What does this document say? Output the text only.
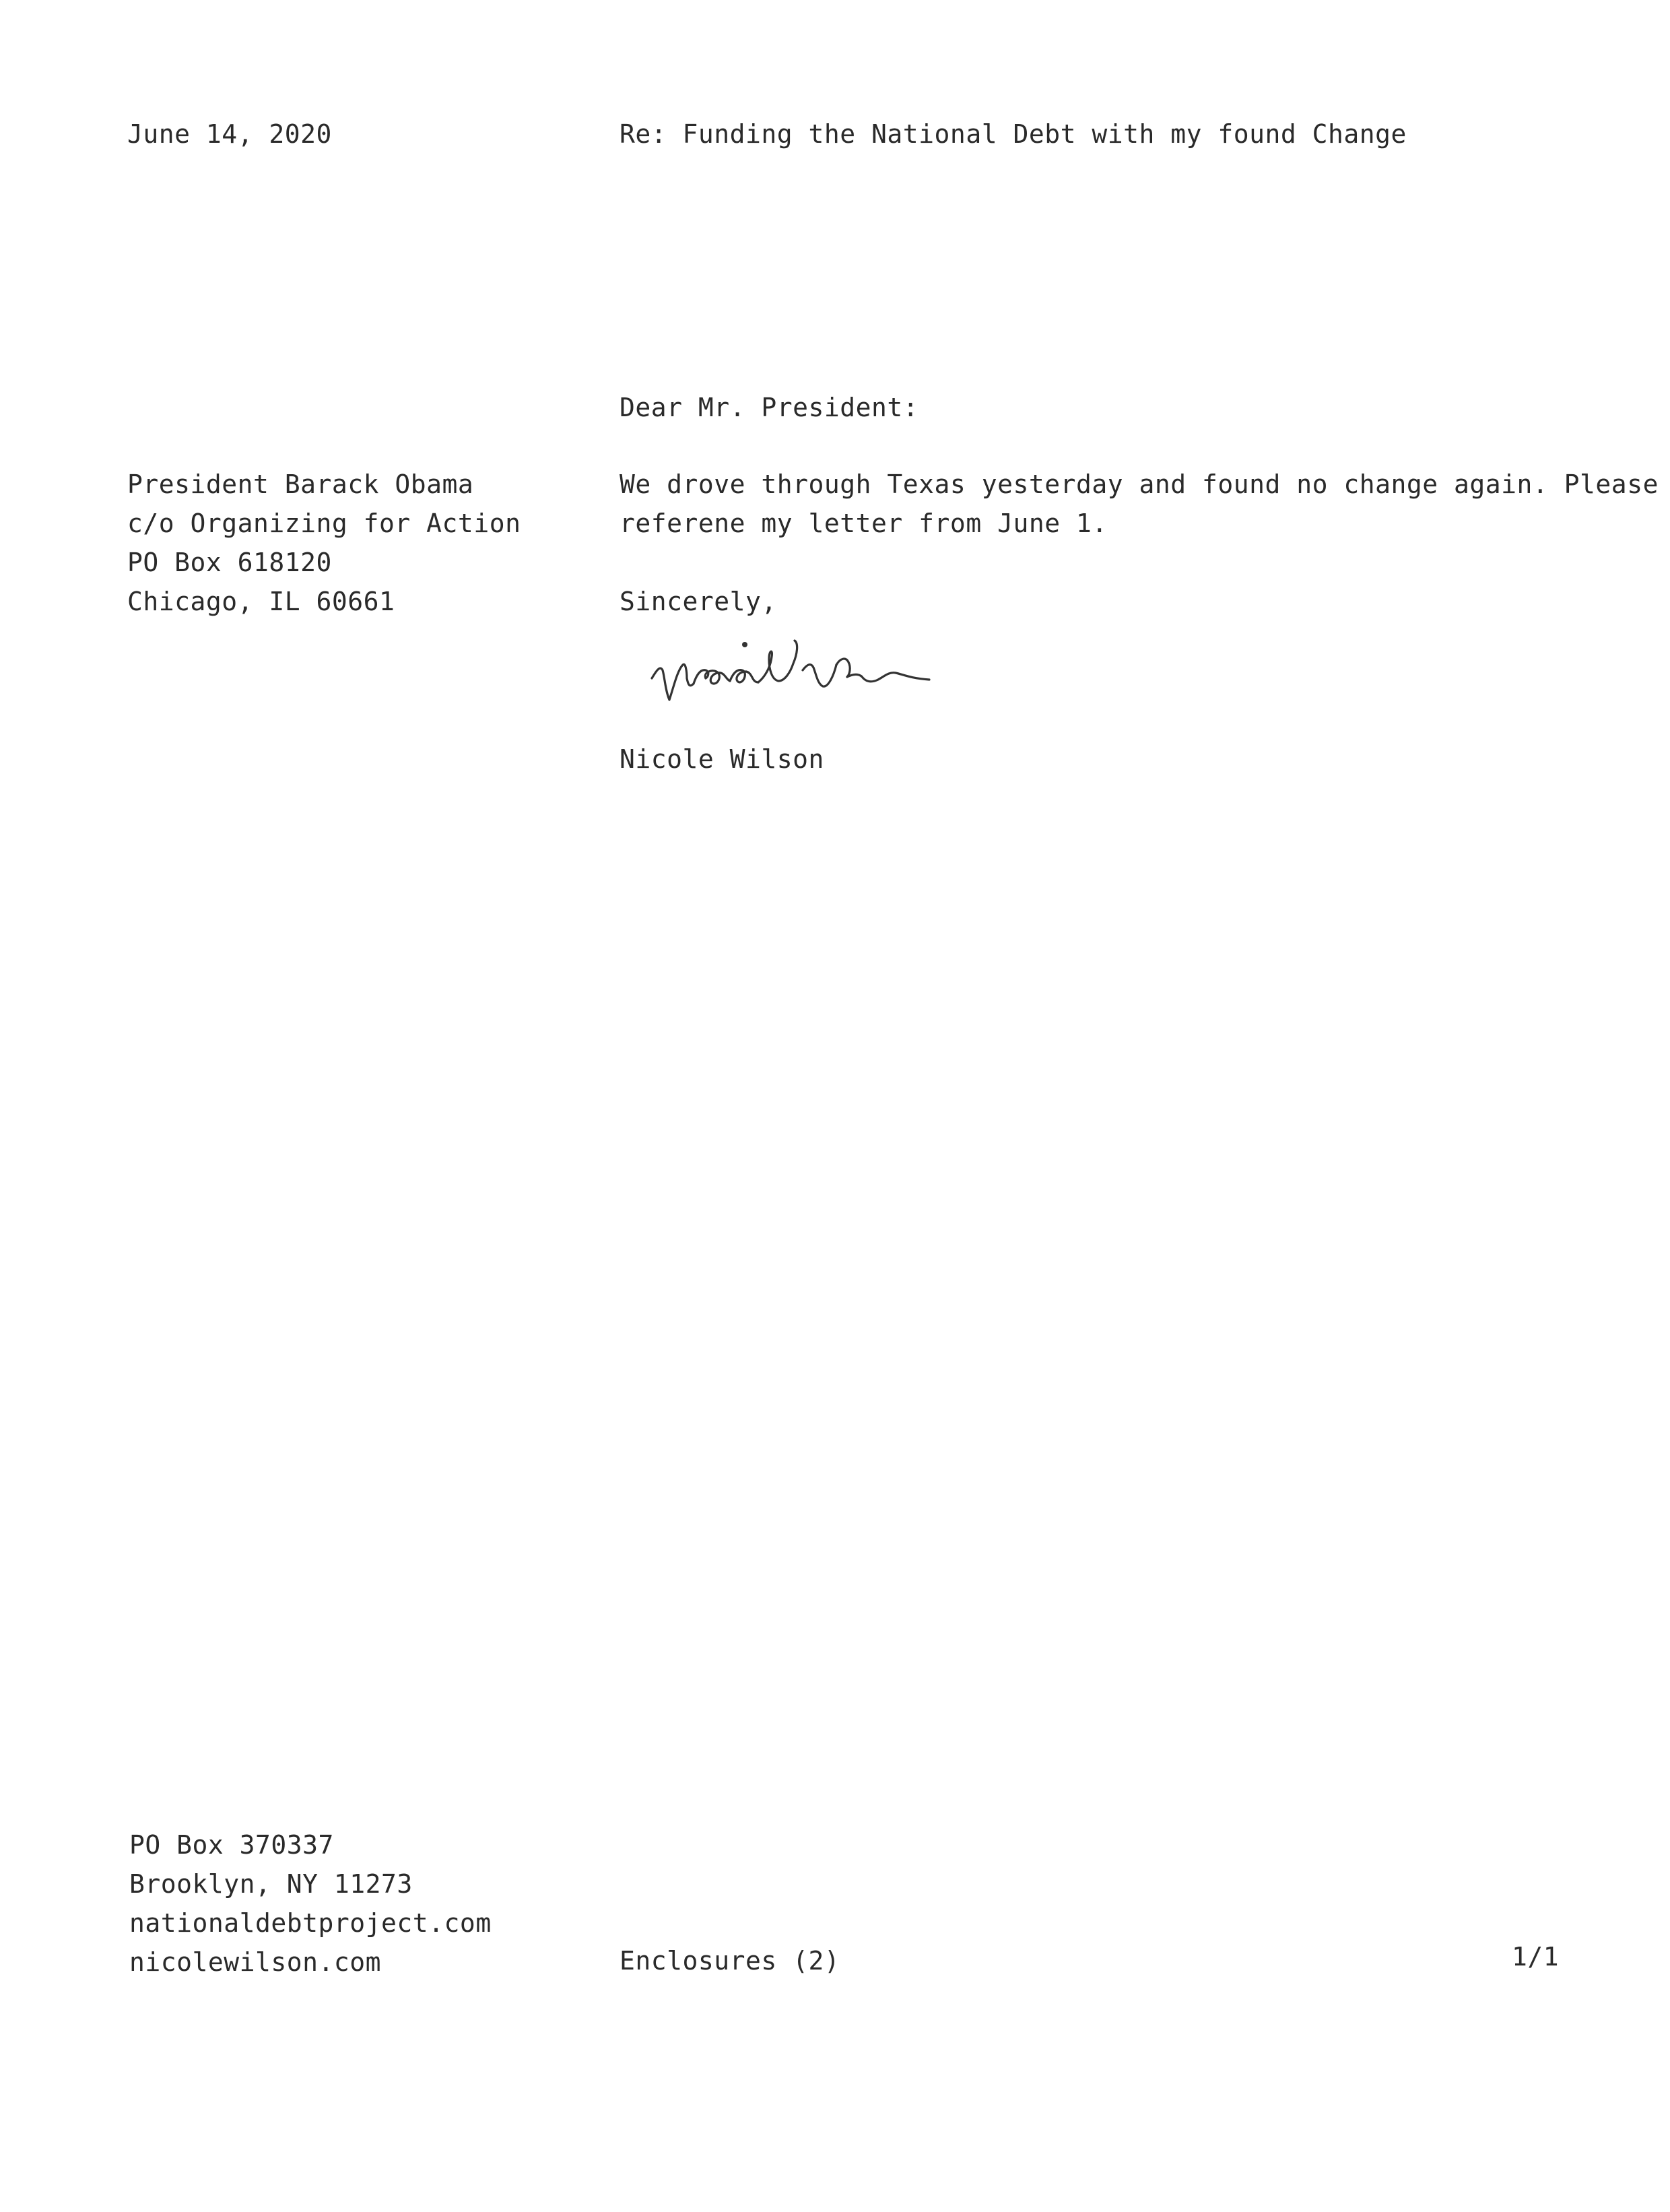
June 14, 2020	Re: Funding the National Debt with my found Change
Dear Mr. President:
President Barack Obama
c/o Organizing for Action
PO Box 618120
Chicago, IL 60661
We drove through Texas yesterday and found no change again. Please
referene my letter from June 1.
Sincerely,
Nicole Wilson
PO Box 370337
Brooklyn, NY 11273
nationaldebtproject.com
nicolewilson.com	Enclosures (2)	1/1
